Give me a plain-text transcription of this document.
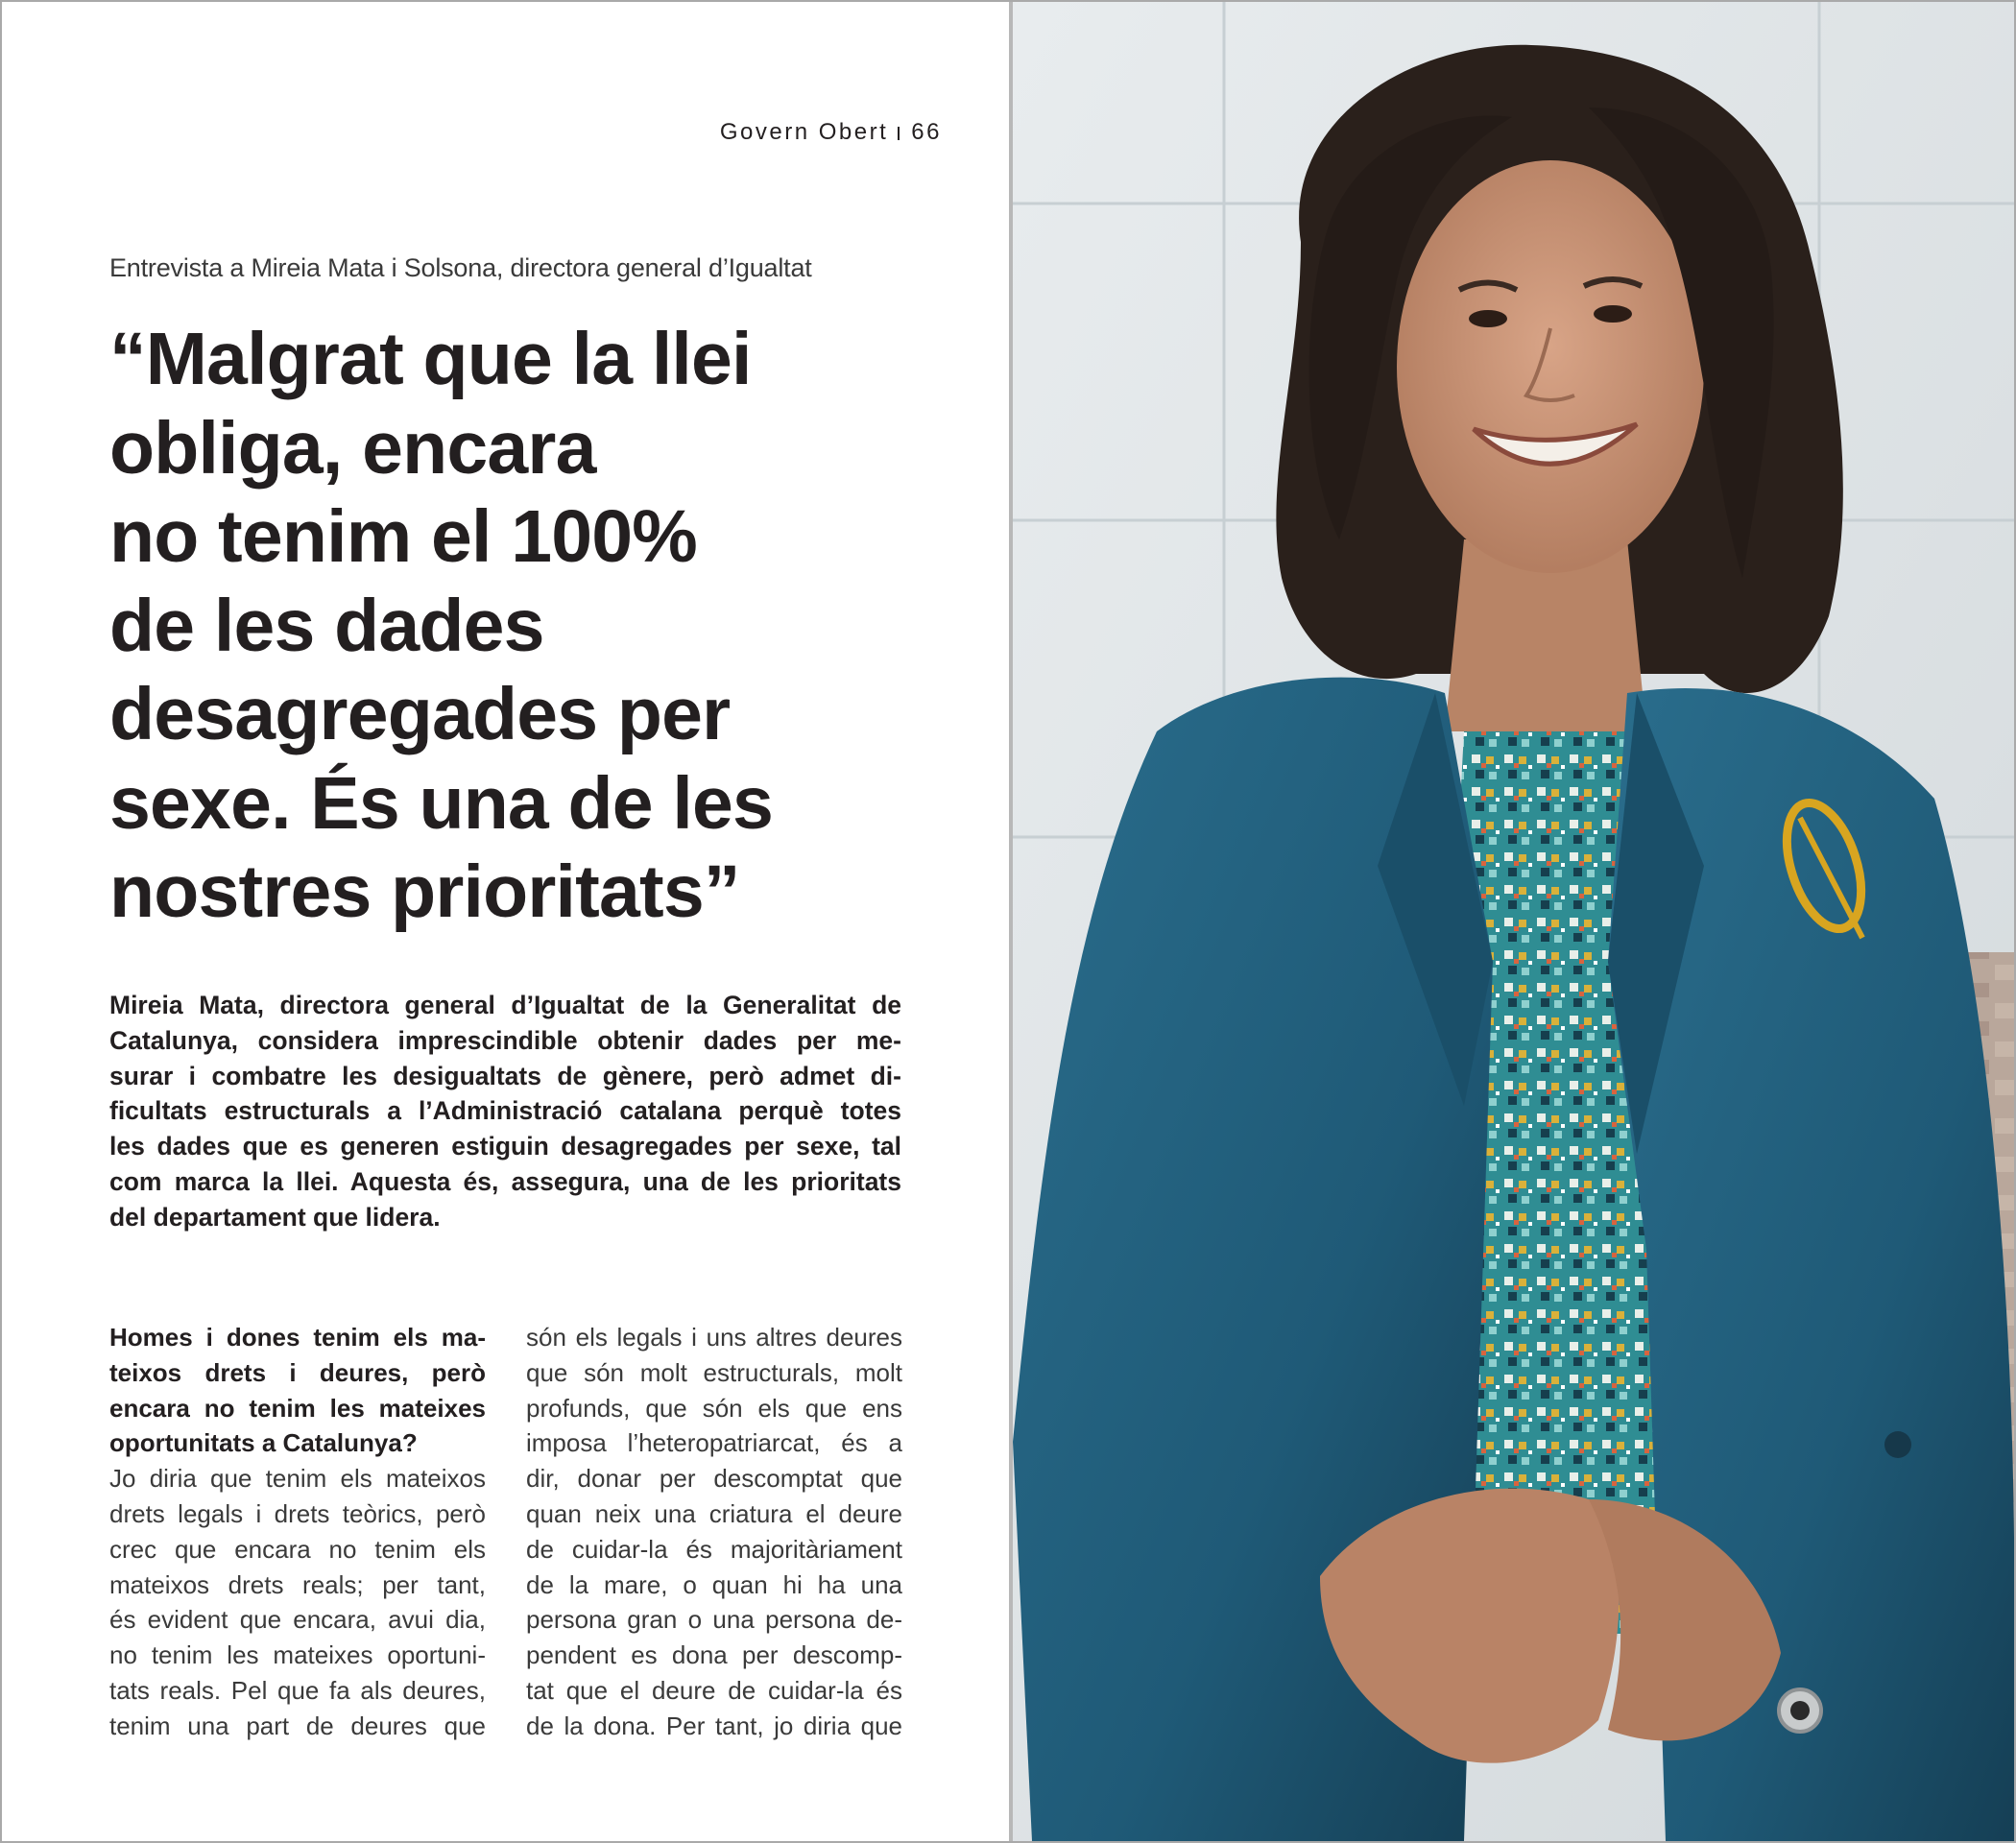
Govern Obert 66
Entrevista a Mireia Mata i Solsona, directora general d’Igualtat
“Malgrat que la llei
obliga, encara
no tenim el 100%
de les dades
desagregades per
sexe. És una de les
nostres prioritats”

Mireia Mata, directora general d’Igualtat de la Generalitat de
Catalunya, considera imprescindible obtenir dades per me-
surar i combatre les desigualtats de gènere, però admet di-
ficultats estructurals a l’Administració catalana perquè totes
les dades que es generen estiguin desagregades per sexe, tal
com marca la llei. Aquesta és, assegura, una de les prioritats
del departament que lidera.

Homes i dones tenim els ma-
teixos drets i deures, però
encara no tenim les mateixes
oportunitats a Catalunya?
Jo diria que tenim els mateixos
drets legals i drets teòrics, però
crec que encara no tenim els
mateixos drets reals; per tant,
és evident que encara, avui dia,
no tenim les mateixes oportuni-
tats reals. Pel que fa als deures,
tenim una part de deures que
són els legals i uns altres deures
que són molt estructurals, molt
profunds, que són els que ens
imposa l’heteropatriarcat, és a
dir, donar per descomptat que
quan neix una criatura el deure
de cuidar-la és majoritàriament
de la mare, o quan hi ha una
persona gran o una persona de-
pendent es dona per descomp-
tat que el deure de cuidar-la és
de la dona. Per tant, jo diria que
